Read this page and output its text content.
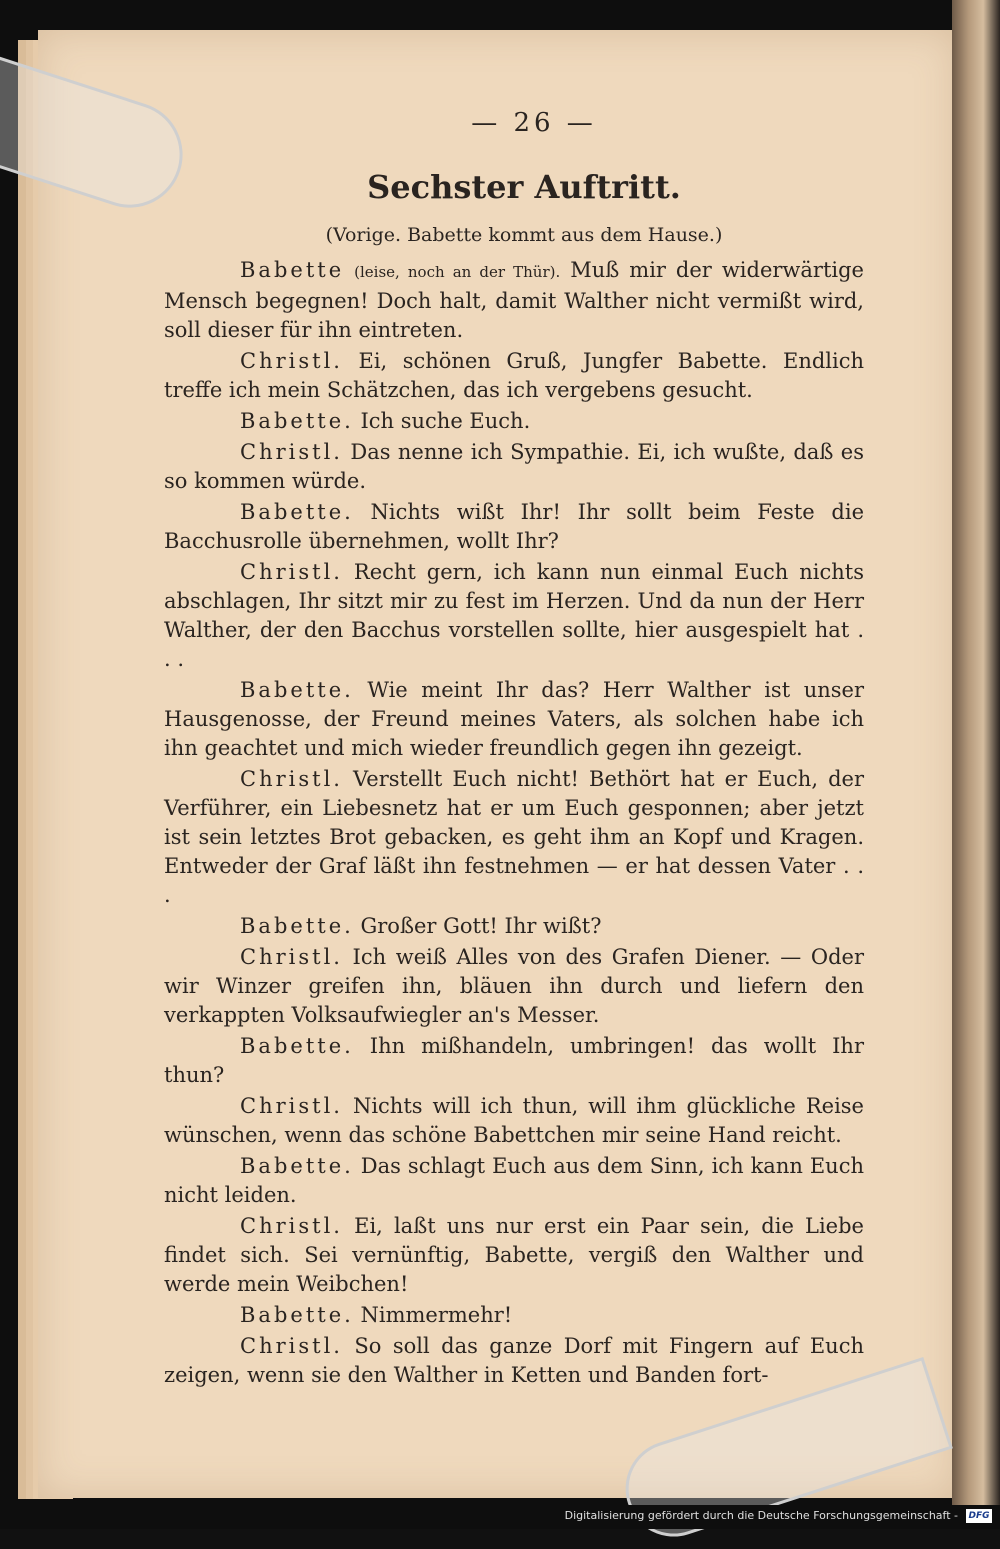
— 26 —
Sechster Auftritt.
(Vorige. Babette kommt aus dem Hause.)

Babette (leise, noch an der Thür). Muß mir der widerwärtige Mensch begegnen! Doch halt, damit Walther nicht vermißt wird, soll dieser für ihn eintreten.

Christl. Ei, schönen Gruß, Jungfer Babette. Endlich treffe ich mein Schätzchen, das ich vergebens gesucht.

Babette. Ich suche Euch.

Christl. Das nenne ich Sympathie. Ei, ich wußte, daß es so kommen würde.

Babette. Nichts wißt Ihr! Ihr sollt beim Feste die Bacchusrolle übernehmen, wollt Ihr?

Christl. Recht gern, ich kann nun einmal Euch nichts abschlagen, Ihr sitzt mir zu fest im Herzen. Und da nun der Herr Walther, der den Bacchus vorstellen sollte, hier ausgespielt hat . . .

Babette. Wie meint Ihr das? Herr Walther ist unser Hausgenosse, der Freund meines Vaters, als solchen habe ich ihn geachtet und mich wieder freundlich gegen ihn gezeigt.

Christl. Verstellt Euch nicht! Bethört hat er Euch, der Verführer, ein Liebesnetz hat er um Euch gesponnen; aber jetzt ist sein letztes Brot gebacken, es geht ihm an Kopf und Kragen. Entweder der Graf läßt ihn festnehmen — er hat dessen Vater . . .

Babette. Großer Gott! Ihr wißt?

Christl. Ich weiß Alles von des Grafen Diener. — Oder wir Winzer greifen ihn, bläuen ihn durch und liefern den verkappten Volksaufwiegler an's Messer.

Babette. Ihn mißhandeln, umbringen! das wollt Ihr thun?

Christl. Nichts will ich thun, will ihm glückliche Reise wünschen, wenn das schöne Babettchen mir seine Hand reicht.

Babette. Das schlagt Euch aus dem Sinn, ich kann Euch nicht leiden.

Christl. Ei, laßt uns nur erst ein Paar sein, die Liebe findet sich. Sei vernünftig, Babette, vergiß den Walther und werde mein Weibchen!

Babette. Nimmermehr!

Christl. So soll das ganze Dorf mit Fingern auf Euch zeigen, wenn sie den Walther in Ketten und Banden fort-

Digitalisierung gefördert durch die Deutsche Forschungsgemeinschaft - DFG
